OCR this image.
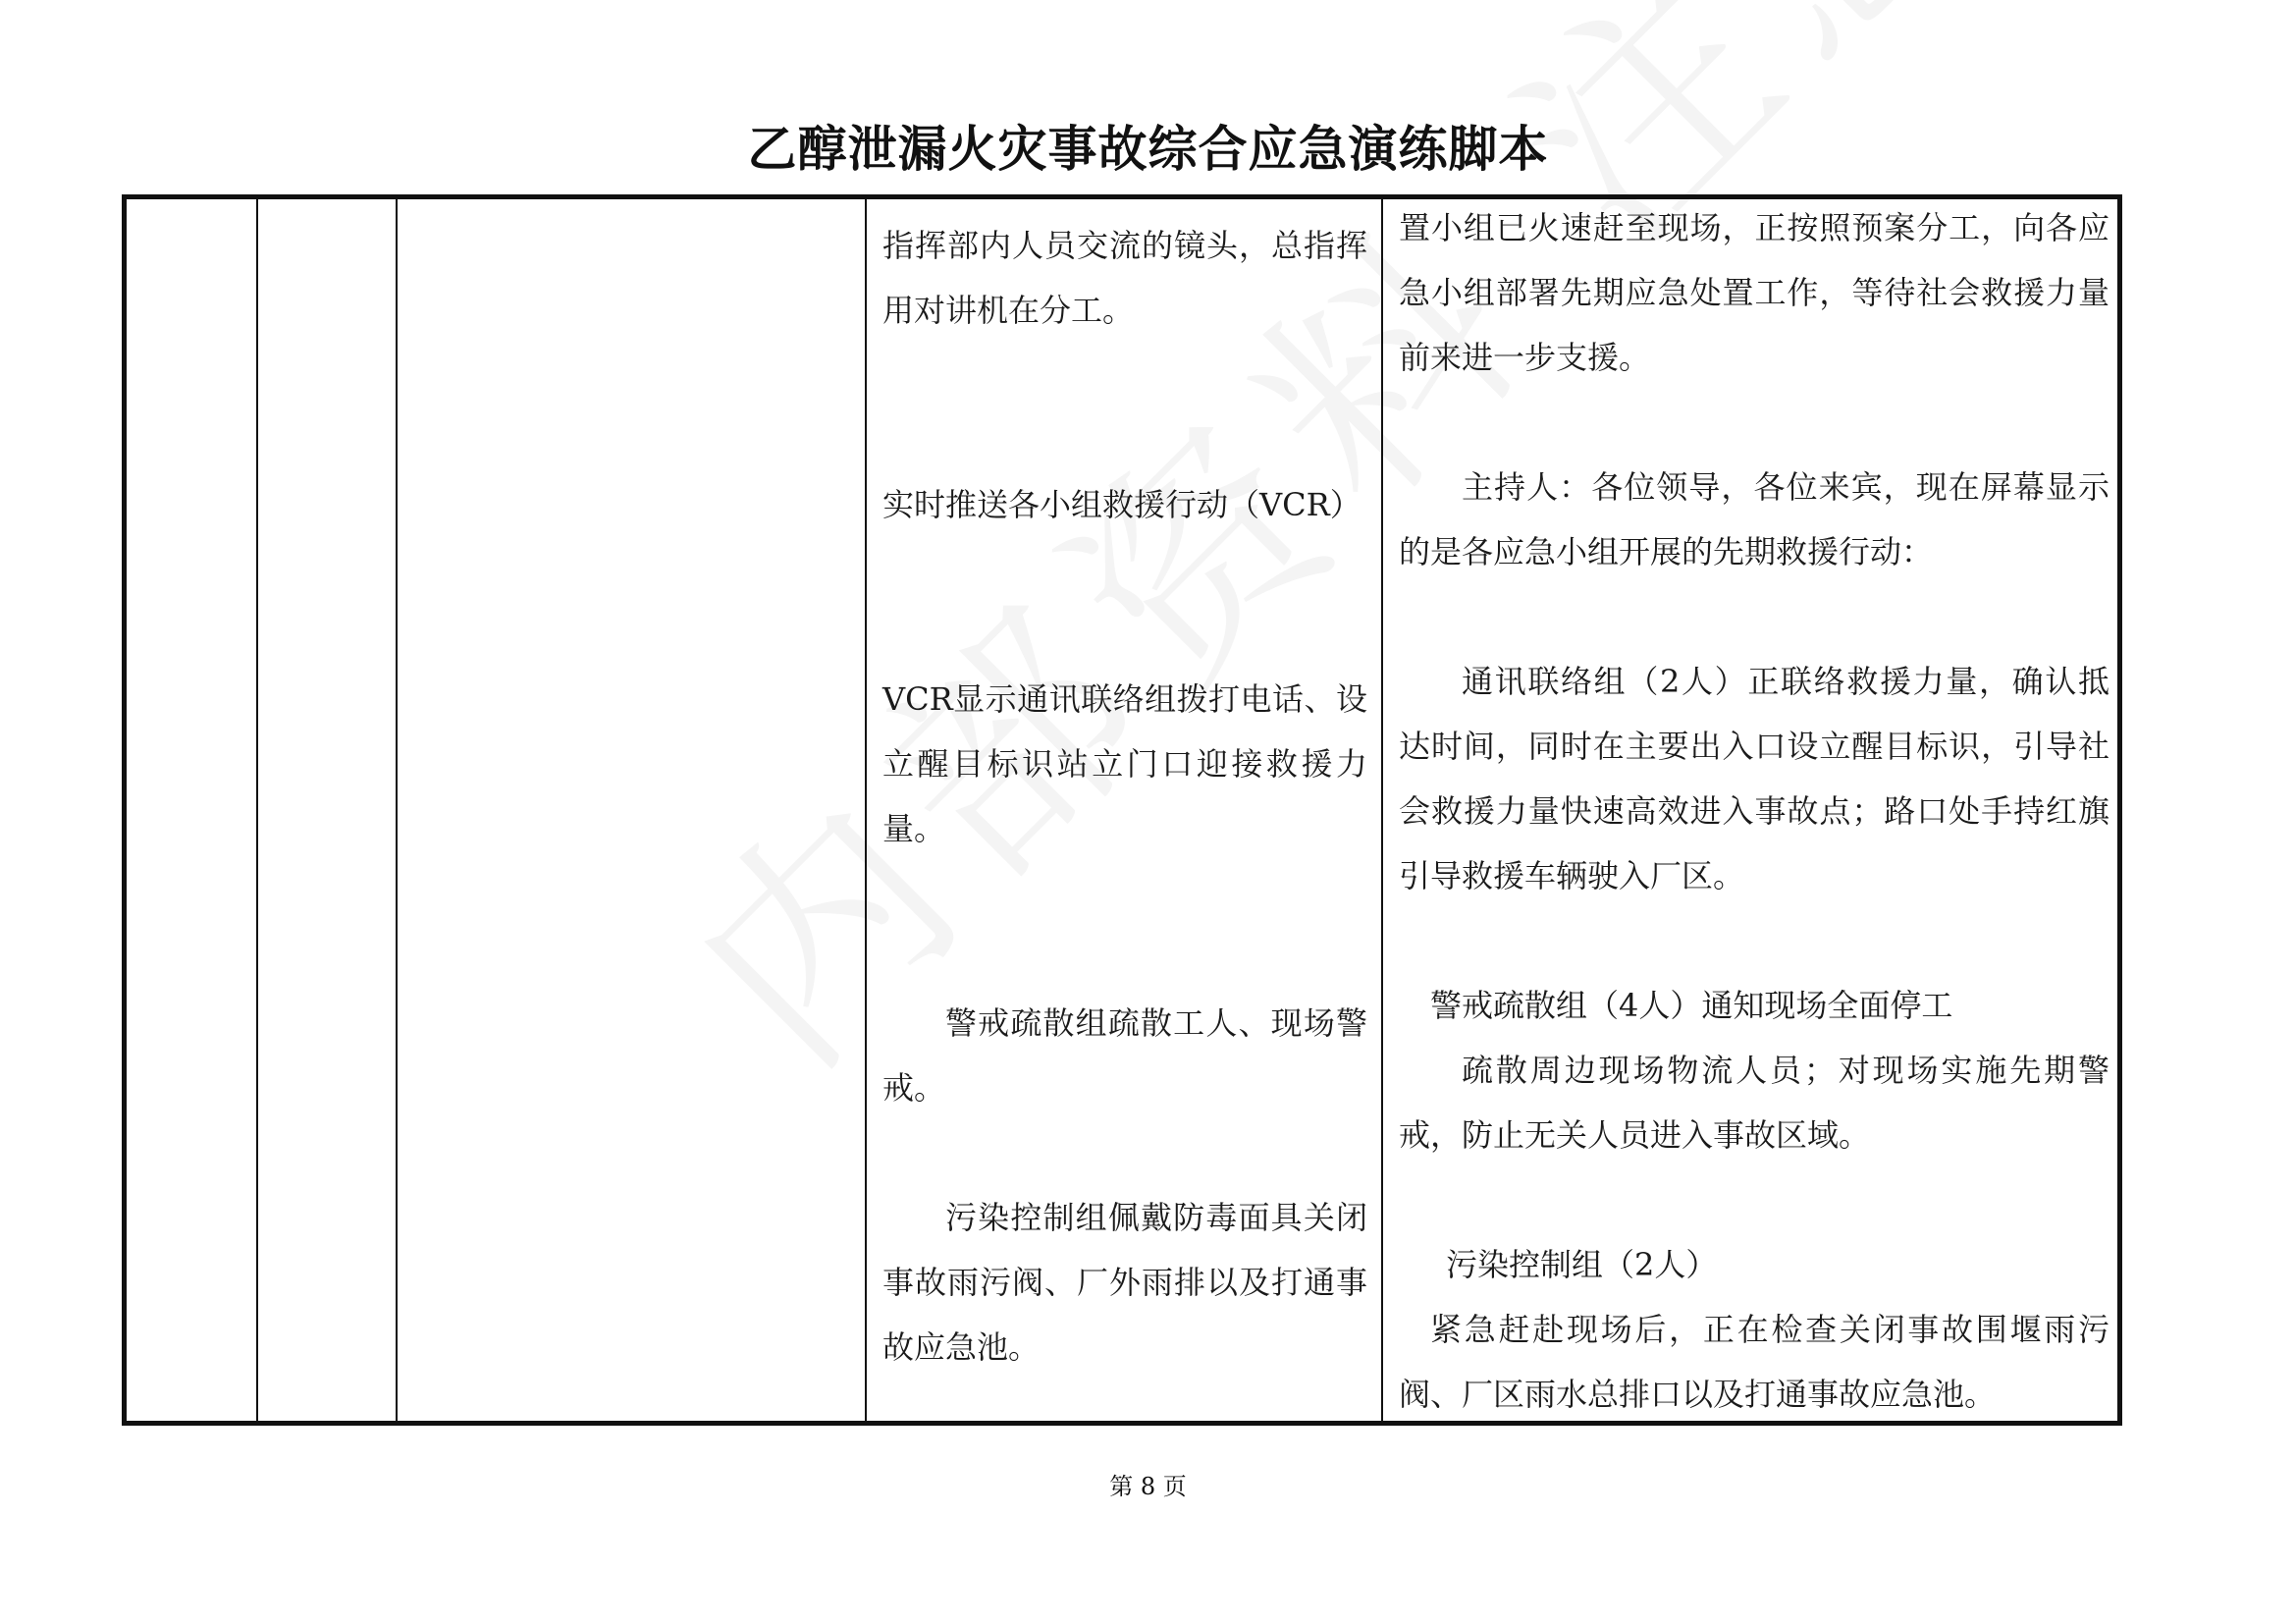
乙醇泄漏火灾事故综合应急演练脚本

指挥部内人员交流的镜头，总指挥用对讲机在分工。

实时推送各小组救援行动（VCR）

VCR显示通讯联络组拨打电话、设立醒目标识站立门口迎接救援力量。

警戒疏散组疏散工人、现场警戒。

污染控制组佩戴防毒面具关闭事故雨污阀、厂外雨排以及打通事故应急池。

置小组已火速赶至现场，正按照预案分工，向各应急小组部署先期应急处置工作，等待社会救援力量前来进一步支援。

主持人：各位领导，各位来宾，现在屏幕显示的是各应急小组开展的先期救援行动：

通讯联络组（2人）正联络救援力量，确认抵达时间，同时在主要出入口设立醒目标识，引导社会救援力量快速高效进入事故点；路口处手持红旗引导救援车辆驶入厂区。

警戒疏散组（4人）通知现场全面停工

疏散周边现场物流人员；对现场实施先期警戒，防止无关人员进入事故区域。

污染控制组（2人）

紧急赶赴现场后，正在检查关闭事故围堰雨污阀、厂区雨水总排口以及打通事故应急池。

第 8 页
